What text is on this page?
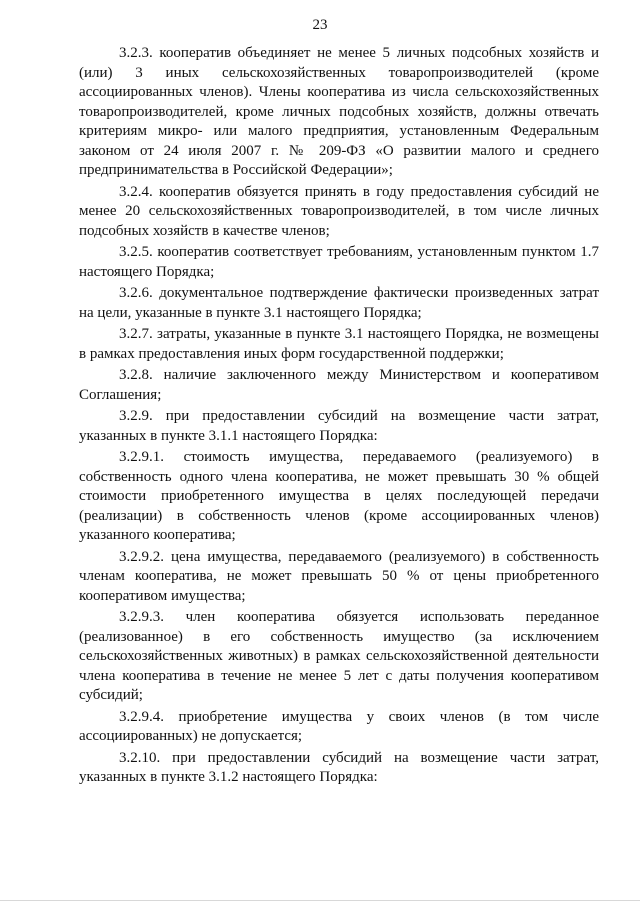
23

3.2.3. кооператив объединяет не менее 5 личных подсобных хозяйств и (или) 3 иных сельскохозяйственных товаропроизводителей (кроме ассоциированных членов). Члены кооператива из числа сельскохозяйственных товаропроизводителей, кроме личных подсобных хозяйств, должны отвечать критериям микро- или малого предприятия, установленным Федеральным законом от 24 июля 2007 г. № 209-ФЗ «О развитии малого и среднего предпринимательства в Российской Федерации»;

3.2.4. кооператив обязуется принять в году предоставления субсидий не менее 20 сельскохозяйственных товаропроизводителей, в том числе личных подсобных хозяйств в качестве членов;

3.2.5. кооператив соответствует требованиям, установленным пунктом 1.7 настоящего Порядка;

3.2.6. документальное подтверждение фактически произведенных затрат на цели, указанные в пункте 3.1 настоящего Порядка;

3.2.7. затраты, указанные в пункте 3.1 настоящего Порядка, не возмещены в рамках предоставления иных форм государственной поддержки;

3.2.8. наличие заключенного между Министерством и кооперативом Соглашения;

3.2.9. при предоставлении субсидий на возмещение части затрат, указанных в пункте 3.1.1 настоящего Порядка:

3.2.9.1. стоимость имущества, передаваемого (реализуемого) в собственность одного члена кооператива, не может превышать 30 % общей стоимости приобретенного имущества в целях последующей передачи (реализации) в собственность членов (кроме ассоциированных членов) указанного кооператива;

3.2.9.2. цена имущества, передаваемого (реализуемого) в собственность членам кооператива, не может превышать 50 % от цены приобретенного кооперативом имущества;

3.2.9.3. член кооператива обязуется использовать переданное (реализованное) в его собственность имущество (за исключением сельскохозяйственных животных) в рамках сельскохозяйственной деятельности члена кооператива в течение не менее 5 лет с даты получения кооперативом субсидий;

3.2.9.4. приобретение имущества у своих членов (в том числе ассоциированных) не допускается;

3.2.10. при предоставлении субсидий на возмещение части затрат, указанных в пункте 3.1.2 настоящего Порядка:
